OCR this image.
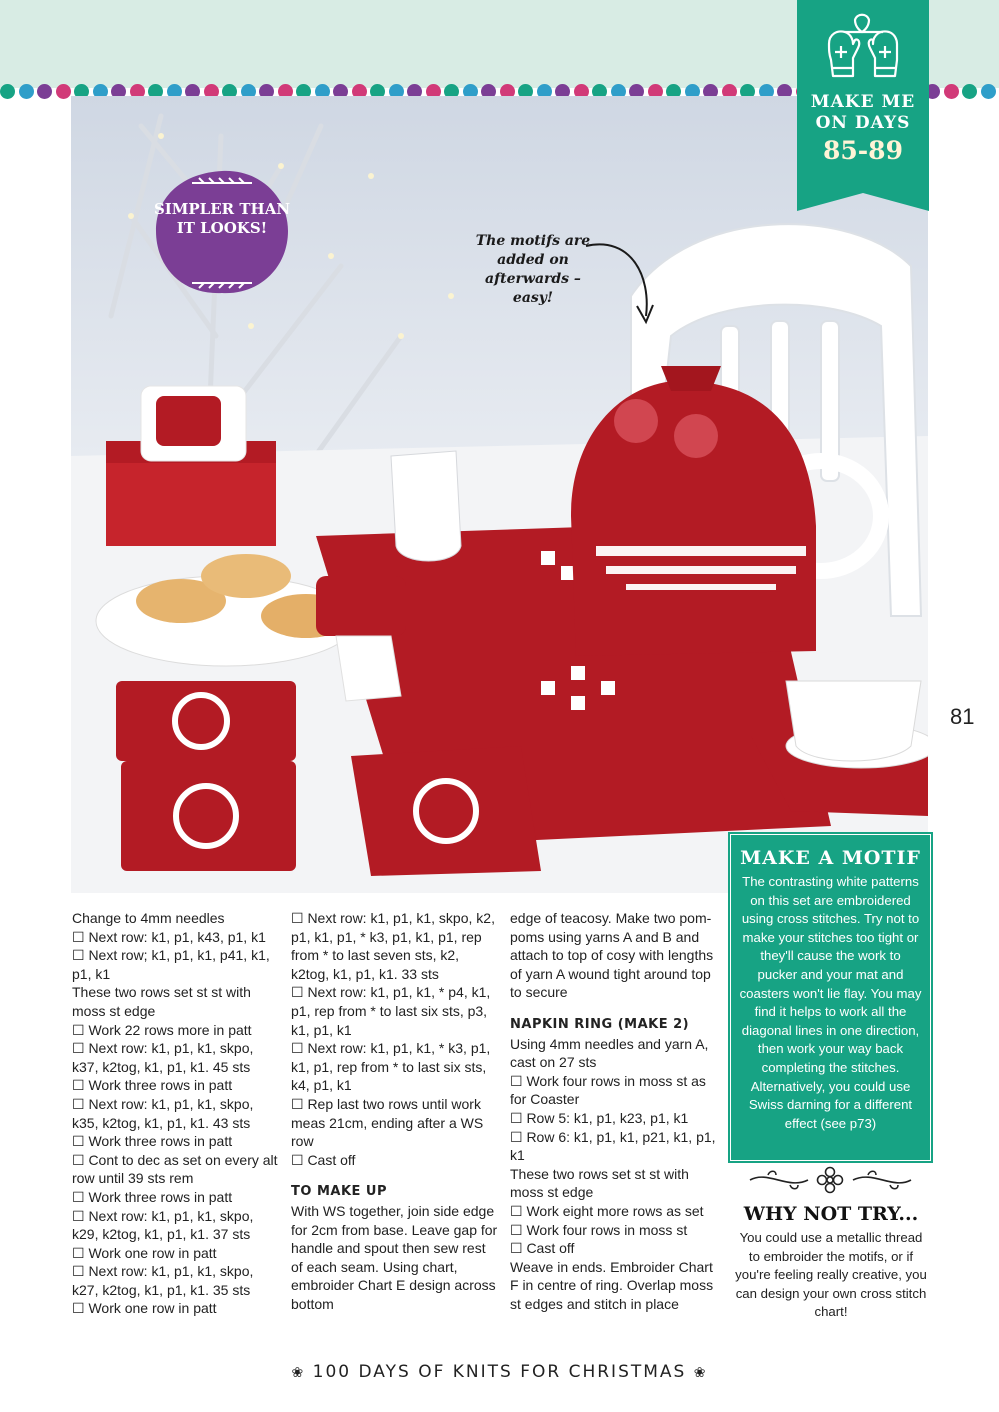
SIMPLER THAN IT LOOKS!
The motifs are added on afterwards – easy!
MAKE ME
ON DAYS
85-89
81

Change to 4mm needles

☐ Next row: k1, p1, k43, p1, k1

☐ Next row; k1, p1, k1, p41, k1, p1, k1

These two rows set st st with moss st edge

☐ Work 22 rows more in patt

☐ Next row: k1, p1, k1, skpo, k37, k2tog, k1, p1, k1. 45 sts

☐ Work three rows in patt

☐ Next row: k1, p1, k1, skpo, k35, k2tog, k1, p1, k1. 43 sts

☐ Work three rows in patt

☐ Cont to dec as set on every alt row until 39 sts rem

☐ Work three rows in patt

☐ Next row: k1, p1, k1, skpo, k29, k2tog, k1, p1, k1. 37 sts

☐ Work one row in patt

☐ Next row: k1, p1, k1, skpo, k27, k2tog, k1, p1, k1. 35 sts

☐ Work one row in patt

☐ Next row: k1, p1, k1, skpo, k2, p1, k1, p1, * k3, p1, k1, p1, rep from * to last seven sts, k2, k2tog, k1, p1, k1. 33 sts

☐ Next row: k1, p1, k1, * p4, k1, p1, rep from * to last six sts, p3, k1, p1, k1

☐ Next row: k1, p1, k1, * k3, p1, k1, p1, rep from * to last six sts, k4, p1, k1

☐ Rep last two rows until work meas 21cm, ending after a WS row

☐ Cast off

TO MAKE UP

With WS together, join side edge for 2cm from base. Leave gap for handle and spout then sew rest of each seam. Using chart, embroider Chart E design across bottom

edge of teacosy. Make two pom-poms using yarns A and B and attach to top of cosy with lengths of yarn A wound tight around top to secure

NAPKIN RING (MAKE 2)

Using 4mm needles and yarn A, cast on 27 sts

☐ Work four rows in moss st as for Coaster

☐ Row 5: k1, p1, k23, p1, k1

☐ Row 6: k1, p1, k1, p21, k1, p1, k1

These two rows set st st with moss st edge

☐ Work eight more rows as set

☐ Work four rows in moss st

☐ Cast off

Weave in ends. Embroider Chart F in centre of ring. Overlap moss st edges and stitch in place

MAKE A MOTIF
The contrasting white patterns on this set are embroidered using cross stitches. Try not to make your stitches too tight or they'll cause the work to pucker and your mat and coasters won't lie flay. You may find it helps to work all the diagonal lines in one direction, then work your way back completing the stitches. Alternatively, you could use Swiss darning for a different effect (see p73)
WHY NOT TRY...
You could use a metallic thread to embroider the motifs, or if you're feeling really creative, you can design your own cross stitch chart!
❀ 100 DAYS OF KNITS FOR CHRISTMAS ❀
